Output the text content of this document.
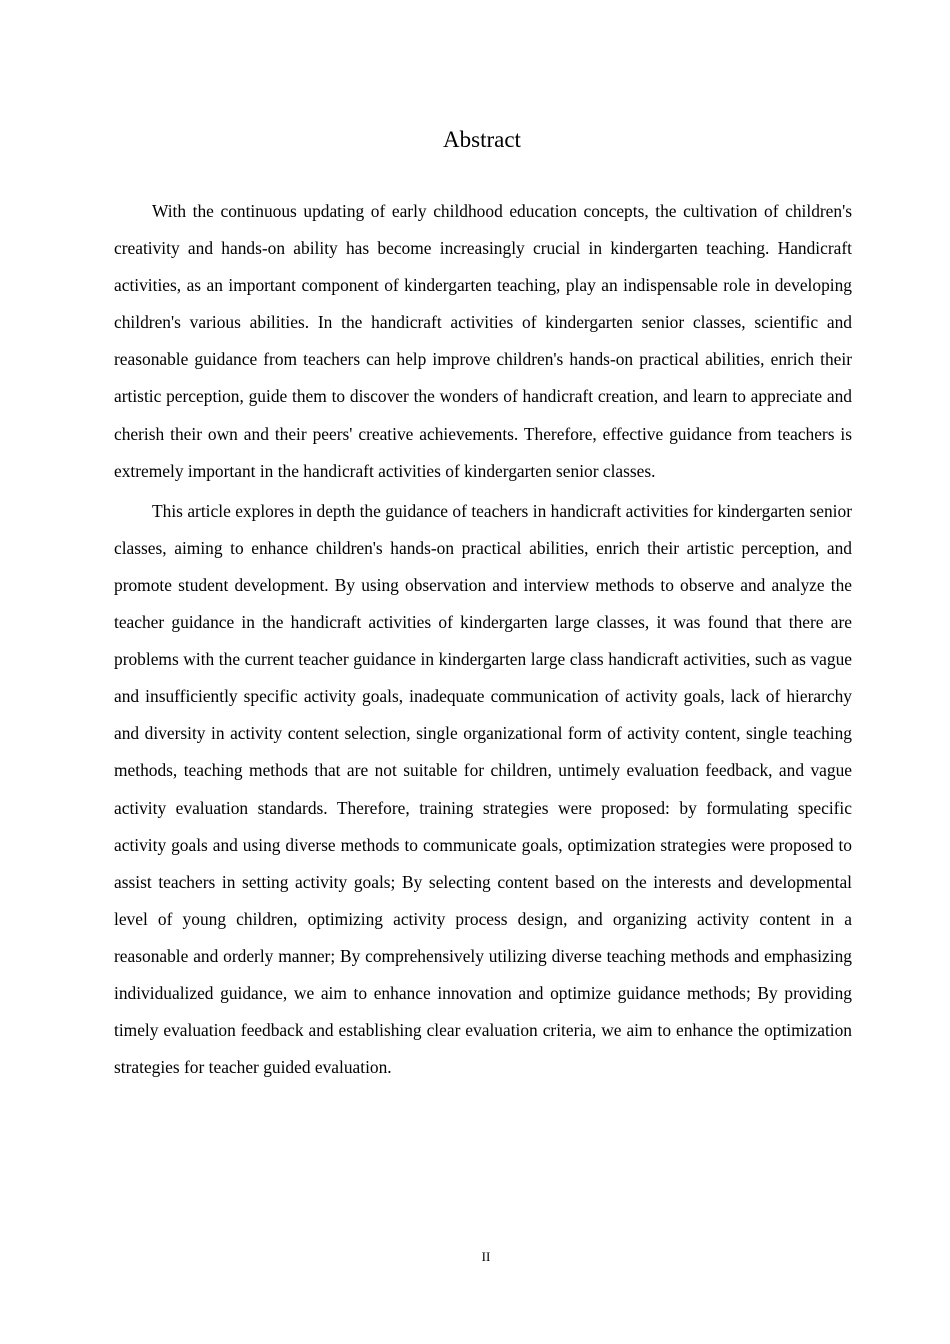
Abstract

With the continuous updating of early childhood education concepts, the cultivation of children's creativity and hands-on ability has become increasingly crucial in kindergarten teaching. Handicraft activities, as an important component of kindergarten teaching, play an indispensable role in developing children's various abilities. In the handicraft activities of kindergarten senior classes, scientific and reasonable guidance from teachers can help improve children's hands-on practical abilities, enrich their artistic perception, guide them to discover the wonders of handicraft creation, and learn to appreciate and cherish their own and their peers' creative achievements. Therefore, effective guidance from teachers is extremely important in the handicraft activities of kindergarten senior classes.

This article explores in depth the guidance of teachers in handicraft activities for kindergarten senior classes, aiming to enhance children's hands-on practical abilities, enrich their artistic perception, and promote student development. By using observation and interview methods to observe and analyze the teacher guidance in the handicraft activities of kindergarten large classes, it was found that there are problems with the current teacher guidance in kindergarten large class handicraft activities, such as vague and insufficiently specific activity goals, inadequate communication of activity goals, lack of hierarchy and diversity in activity content selection, single organizational form of activity content, single teaching methods, teaching methods that are not suitable for children, untimely evaluation feedback, and vague activity evaluation standards. Therefore, training strategies were proposed: by formulating specific activity goals and using diverse methods to communicate goals, optimization strategies were proposed to assist teachers in setting activity goals; By selecting content based on the interests and developmental level of young children, optimizing activity process design, and organizing activity content in a reasonable and orderly manner; By comprehensively utilizing diverse teaching methods and emphasizing individualized guidance, we aim to enhance innovation and optimize guidance methods; By providing timely evaluation feedback and establishing clear evaluation criteria, we aim to enhance the optimization strategies for teacher guided evaluation.

II
